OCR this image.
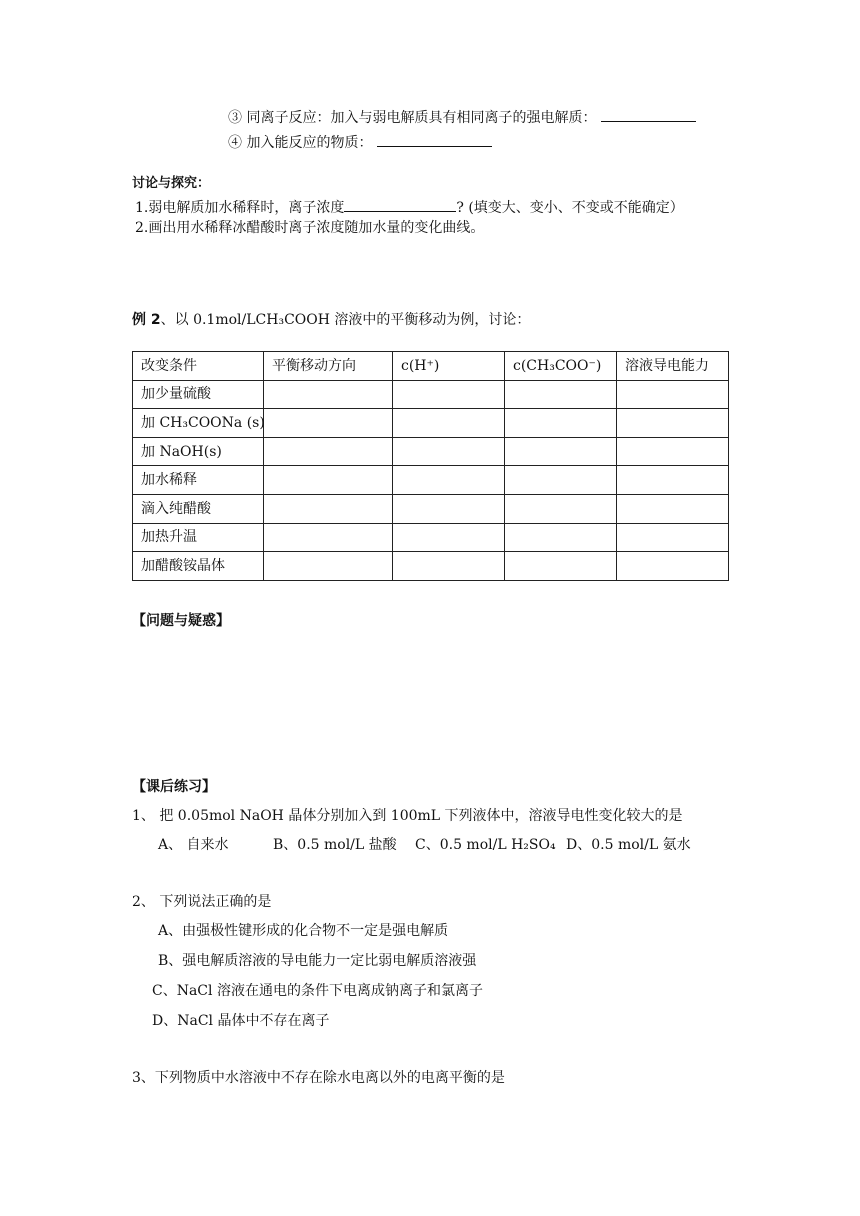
③ 同离子反应：加入与弱电解质具有相同离子的强电解质：
④ 加入能反应的物质：
讨论与探究：
1.弱电解质加水稀释时，离子浓度	? (填变大、变小、不变或不能确定）
2.画出用水稀释冰醋酸时离子浓度随加水量的变化曲线。
例 2、以 0.1mol/LCH₃COOH 溶液中的平衡移动为例，讨论：
改变条件	平衡移动方向	c(H⁺)	c(CH₃COO⁻)	溶液导电能力
加少量硫酸				
加 CH₃COONa (s)				
加 NaOH(s)				
加水稀释				
滴入纯醋酸				
加热升温				
加醋酸铵晶体				
【问题与疑惑】
【课后练习】
1、 把 0.05mol NaOH 晶体分别加入到 100mL 下列液体中，溶液导电性变化较大的是
A、 自来水	B、0.5 mol/L 盐酸 C、0.5 mol/L H₂SO₄ D、0.5 mol/L 氨水
2、 下列说法正确的是
A、由强极性键形成的化合物不一定是强电解质
B、强电解质溶液的导电能力一定比弱电解质溶液强
C、NaCl 溶液在通电的条件下电离成钠离子和氯离子
D、NaCl 晶体中不存在离子
3、下列物质中水溶液中不存在除水电离以外的电离平衡的是
